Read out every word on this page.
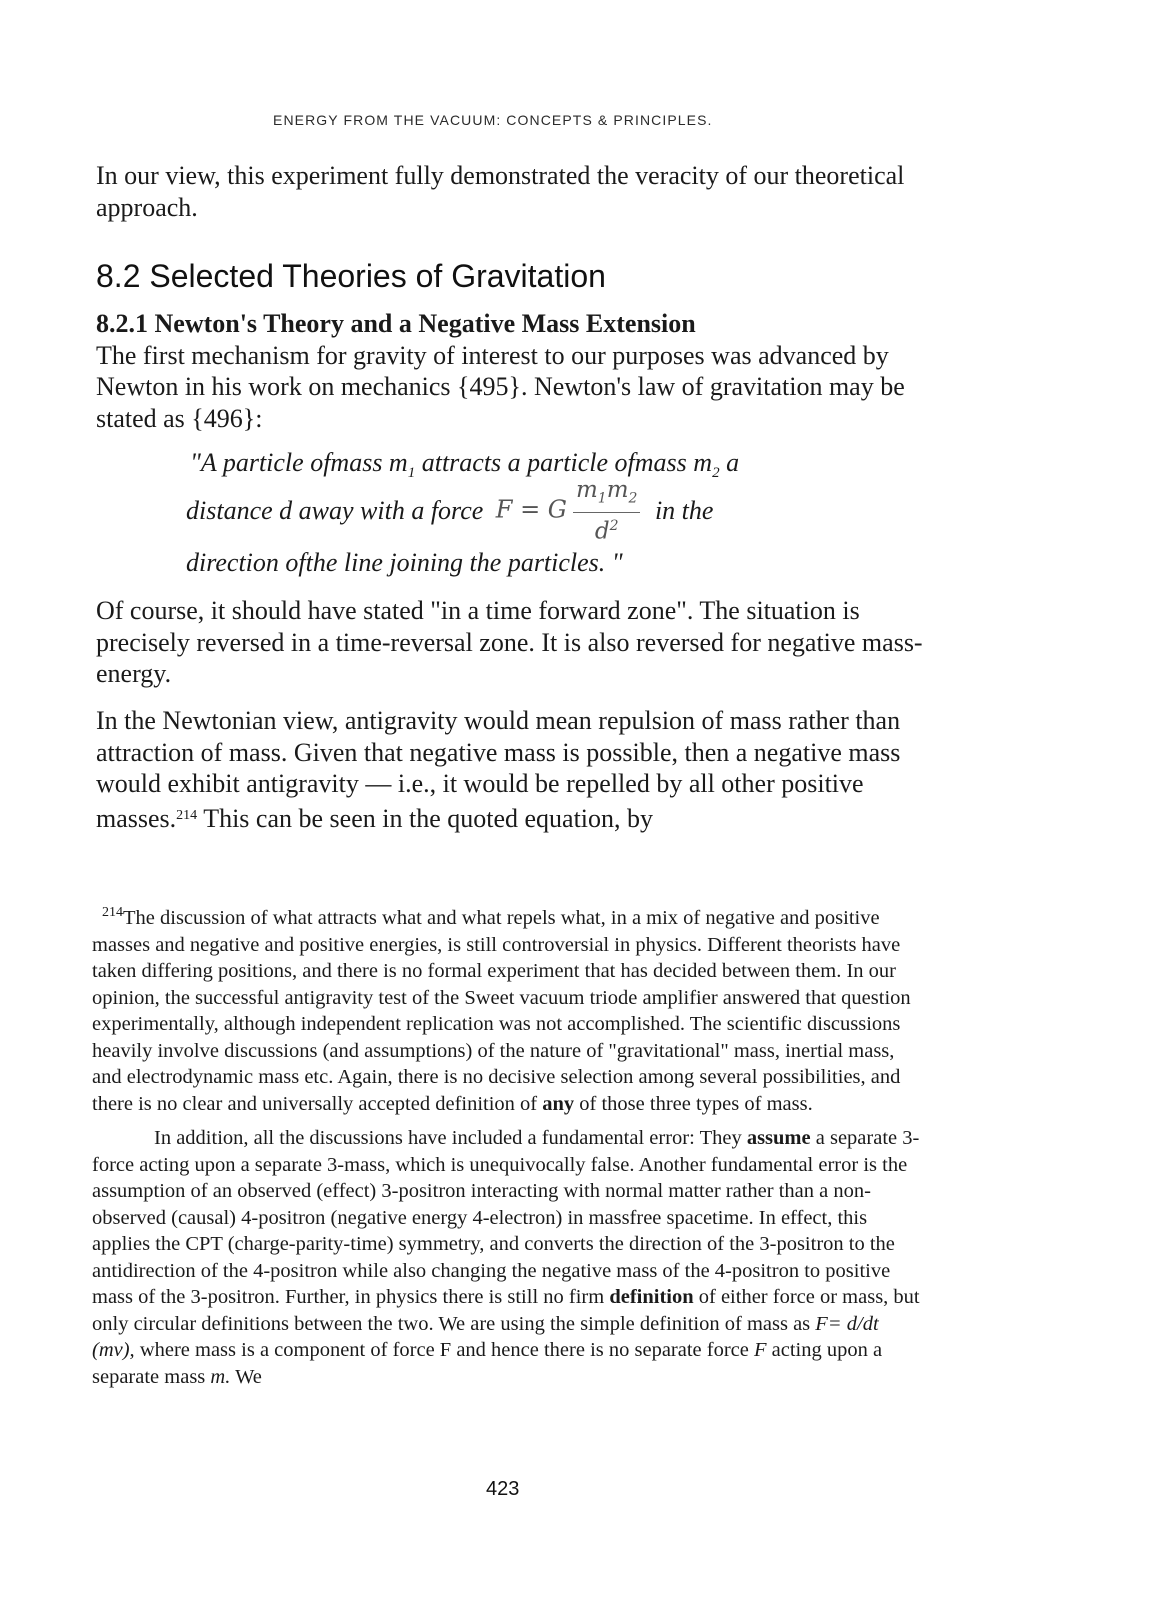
ENERGY FROM THE VACUUM: CONCEPTS & PRINCIPLES.

In our view, this experiment fully demonstrated the veracity of our theoretical approach.

8.2 Selected Theories of Gravitation

8.2.1 Newton's Theory and a Negative Mass Extension

The first mechanism for gravity of interest to our purposes was advanced by Newton in his work on mechanics {495}. Newton's law of gravitation may be stated as {496}:

"A particle ofmass $m_1$ attracts a particle ofmass $m_2$ a
distance d away with a force F = G $\frac{m_1m_2}{d^2}$ in the
direction ofthe line joining the particles. "

Of course, it should have stated "in a time forward zone". The situation is precisely reversed in a time-reversal zone. It is also reversed for negative mass-energy.

In the Newtonian view, antigravity would mean repulsion of mass rather than attraction of mass. Given that negative mass is possible, then a negative mass would exhibit antigravity — i.e., it would be repelled by all other positive masses.$^{214}$ This can be seen in the quoted equation, by

$^{214}$The discussion of what attracts what and what repels what, in a mix of negative and positive masses and negative and positive energies, is still controversial in physics. Different theorists have taken differing positions, and there is no formal experiment that has decided between them. In our opinion, the successful antigravity test of the Sweet vacuum triode amplifier answered that question experimentally, although independent replication was not accomplished. The scientific discussions heavily involve discussions (and assumptions) of the nature of "gravitational" mass, inertial mass, and electrodynamic mass etc. Again, there is no decisive selection among several possibilities, and there is no clear and universally accepted definition of any of those three types of mass.

In addition, all the discussions have included a fundamental error: They assume a separate 3-force acting upon a separate 3-mass, which is unequivocally false. Another fundamental error is the assumption of an observed (effect) 3-positron interacting with normal matter rather than a non-observed (causal) 4-positron (negative energy 4-electron) in massfree spacetime. In effect, this applies the CPT (charge-parity-time) symmetry, and converts the direction of the 3-positron to the antidirection of the 4-positron while also changing the negative mass of the 4-positron to positive mass of the 3-positron. Further, in physics there is still no firm definition of either force or mass, but only circular definitions between the two. We are using the simple definition of mass as F= d/dt (mv), where mass is a component of force F and hence there is no separate force F acting upon a separate mass m. We

423
